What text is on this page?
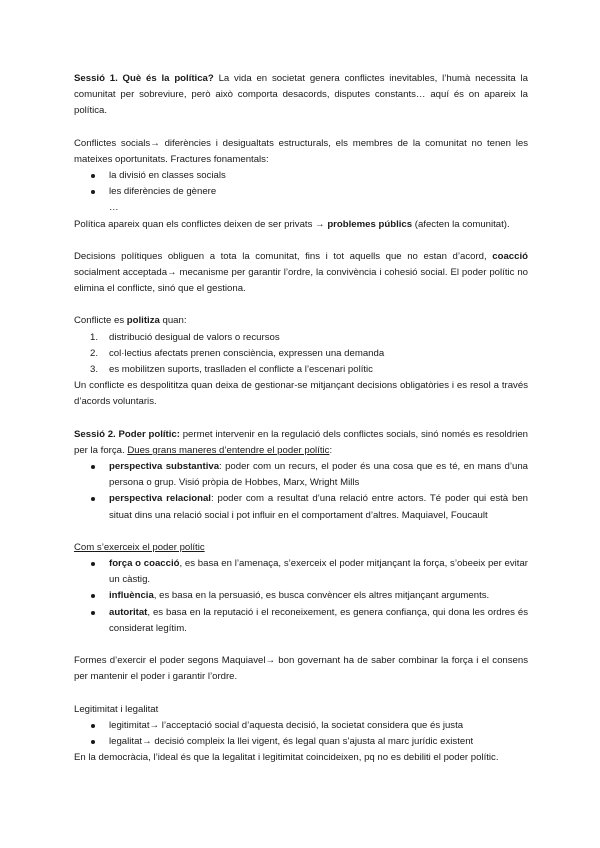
Sessió 1. Què és la política? La vida en societat genera conflictes inevitables, l’humà necessita la comunitat per sobreviure, però això comporta desacords, disputes constants… aquí és on apareix la política.

Conflictes socials→ diferències i desigualtats estructurals, els membres de la comunitat no tenen les mateixes oportunitats. Fractures fonamentals:

la divisió en classes socials
les diferències de gènere
…

Política apareix quan els conflictes deixen de ser privats → problemes públics (afecten la comunitat).

Decisions polítiques obliguen a tota la comunitat, fins i tot aquells que no estan d’acord, coacció socialment acceptada→ mecanisme per garantir l’ordre, la convivència i cohesió social. El poder polític no elimina el conflicte, sinó que el gestiona.

Conflicte es politiza quan:

1. distribució desigual de valors o recursos
2. col·lectius afectats prenen consciència, expressen una demanda
3. es mobilitzen suports, traslladen el conflicte a l’escenari polític

Un conflicte es despolititza quan deixa de gestionar-se mitjançant decisions obligatòries i es resol a través d’acords voluntaris.

Sessió 2. Poder polític: permet intervenir en la regulació dels conflictes socials, sinó només es resoldrien per la força. Dues grans maneres d’entendre el poder polític:

perspectiva substantiva: poder com un recurs, el poder és una cosa que es té, en mans d’una persona o grup. Visió pròpia de Hobbes, Marx, Wright Mills
perspectiva relacional: poder com a resultat d’una relació entre actors. Té poder qui està ben situat dins una relació social i pot influir en el comportament d’altres. Maquiavel, Foucault

Com s’exerceix el poder polític

força o coacció, es basa en l’amenaça, s’exerceix el poder mitjançant la força, s’obeeix per evitar un càstig.
influència, es basa en la persuasió, es busca convèncer els altres mitjançant arguments.
autoritat, es basa en la reputació i el reconeixement, es genera confiança, qui dona les ordres és considerat legítim.

Formes d’exercir el poder segons Maquiavel→ bon governant ha de saber combinar la força i el consens per mantenir el poder i garantir l’ordre.

Legitimitat i legalitat

legitimitat→ l’acceptació social d’aquesta decisió, la societat considera que és justa
legalitat→ decisió compleix la llei vigent, és legal quan s’ajusta al marc jurídic existent

En la democràcia, l’ideal és que la legalitat i legitimitat coincideixen, pq no es debiliti el poder polític.
